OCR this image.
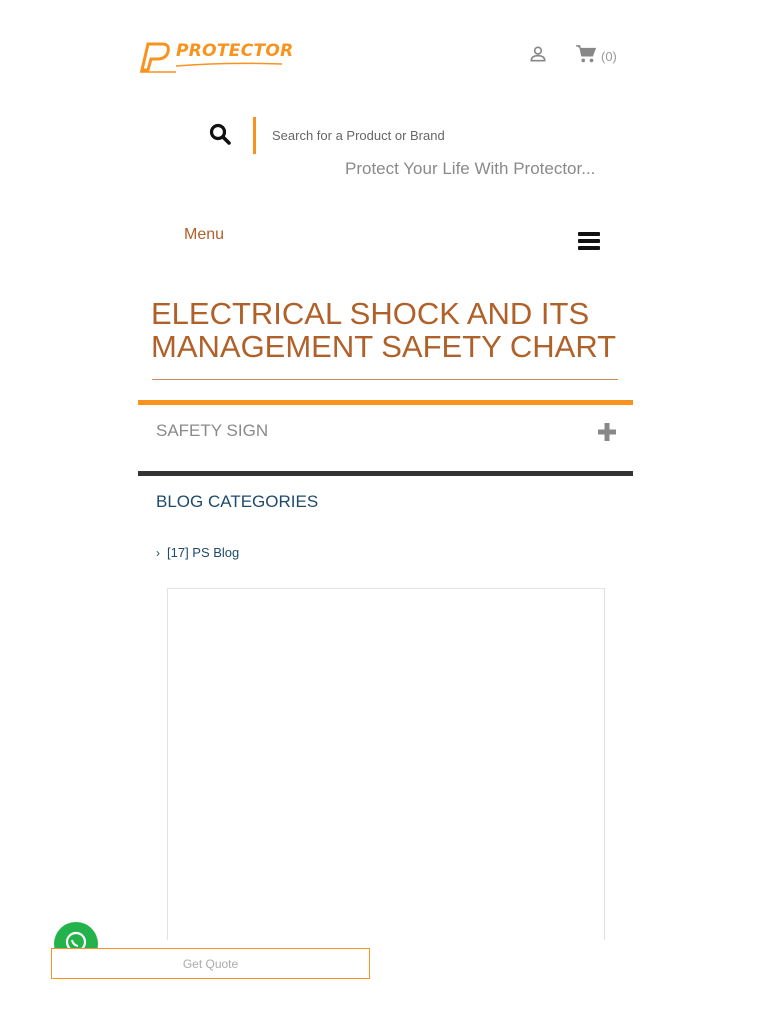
PROTECTOR	(0)
Search for a Product or Brand
Protect Your Life With Protector...
Menu
ELECTRICAL SHOCK AND ITS MANAGEMENT SAFETY CHART
SAFETY SIGN
BLOG CATEGORIES
› [17] PS Blog
Get Quote
